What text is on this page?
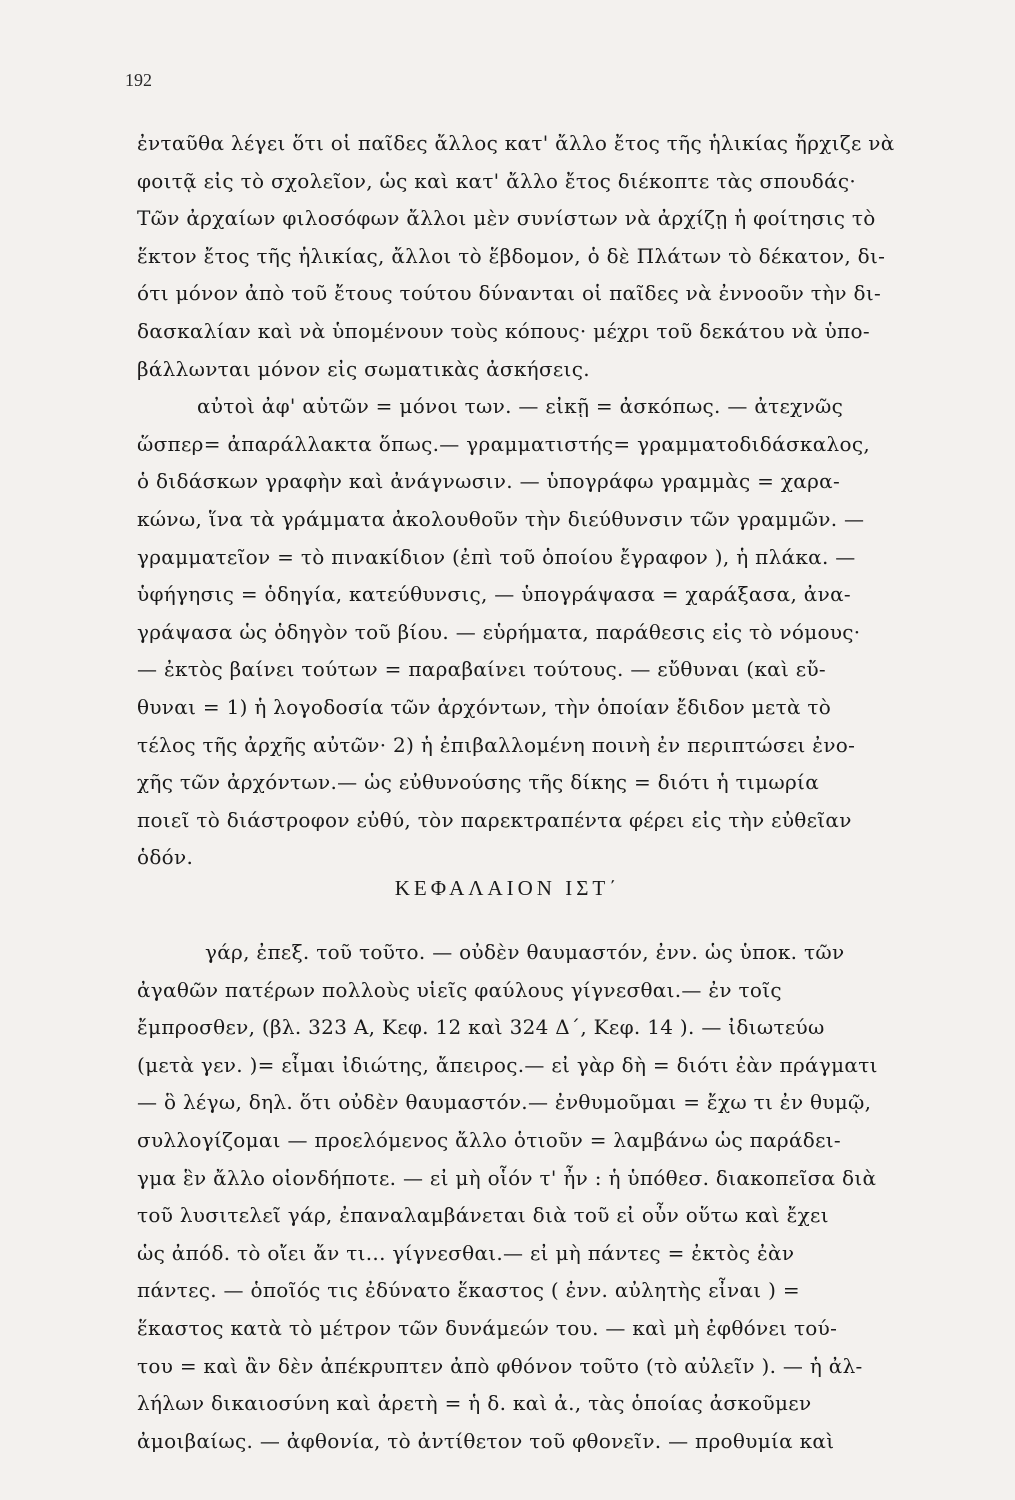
192
ἐνταῦθα λέγει ὅτι οἱ παῖδες ἄλλος κατ' ἄλλο ἔτος τῆς ἡλικίας ἤρχιζε νὰ
φοιτᾷ εἰς τὸ σχολεῖον, ὡς καὶ κατ' ἄλλο ἔτος διέκοπτε τὰς σπουδάς·
Τῶν ἀρχαίων φιλοσόφων ἄλλοι μὲν συνίστων νὰ ἀρχίζῃ ἡ φοίτησις τὸ
ἕκτον ἔτος τῆς ἡλικίας, ἄλλοι τὸ ἕβδομον, ὁ δὲ Πλάτων τὸ δέκατον, δι-
ότι μόνον ἀπὸ τοῦ ἔτους τούτου δύνανται οἱ παῖδες νὰ ἐννοοῦν τὴν δι-
δασκαλίαν καὶ νὰ ὑπομένουν τοὺς κόπους· μέχρι τοῦ δεκάτου νὰ ὑπο-
βάλλωνται μόνον εἰς σωματικὰς ἀσκήσεις.
αὐτοὶ ἀφ' αὑτῶν = μόνοι των. — εἰκῇ = ἀσκόπως. — ἀτεχνῶς
ὥσπερ= ἀπαράλλακτα ὅπως.— γραμματιστής= γραμματοδιδάσκαλος,
ὁ διδάσκων γραφὴν καὶ ἀνάγνωσιν. — ὑπογράφω γραμμὰς = χαρα-
κώνω, ἵνα τὰ γράμματα ἀκολουθοῦν τὴν διεύθυνσιν τῶν γραμμῶν. —
γραμματεῖον = τὸ πινακίδιον (ἐπὶ τοῦ ὁποίου ἔγραφον ), ἡ πλάκα. —
ὑφήγησις = ὁδηγία, κατεύθυνσις, — ὑπογράψασα = χαράξασα, ἀνα-
γράψασα ὡς ὁδηγὸν τοῦ βίου. — εὑρήματα, παράθεσις εἰς τὸ νόμους·
— ἐκτὸς βαίνει τούτων = παραβαίνει τούτους. — εὔθυναι (καὶ εὔ-
θυναι = 1) ἡ λογοδοσία τῶν ἀρχόντων, τὴν ὁποίαν ἔδιδον μετὰ τὸ
τέλος τῆς ἀρχῆς αὐτῶν· 2) ἡ ἐπιβαλλομένη ποινὴ ἐν περιπτώσει ἐνο-
χῆς τῶν ἀρχόντων.— ὡς εὐθυνούσης τῆς δίκης = διότι ἡ τιμωρία
ποιεῖ τὸ διάστροφον εὐθύ, τὸν παρεκτραπέντα φέρει εἰς τὴν εὐθεῖαν
ὁδόν.
ΚΕΦΑΛΑΙΟΝ ΙΣΤ΄
γάρ, ἐπεξ. τοῦ τοῦτο. — οὐδὲν θαυμαστόν, ἐνν. ὡς ὑποκ. τῶν
ἀγαθῶν πατέρων πολλοὺς υἱεῖς φαύλους γίγνεσθαι.— ἐν τοῖς
ἔμπροσθεν, (βλ. 323 Α, Κεφ. 12 καὶ 324 Δ΄, Κεφ. 14 ). — ἰδιωτεύω
(μετὰ γεν. )= εἶμαι ἰδιώτης, ἄπειρος.— εἰ γὰρ δὴ = διότι ἐὰν πράγματι
— ὃ λέγω, δηλ. ὅτι οὐδὲν θαυμαστόν.— ἐνθυμοῦμαι = ἔχω τι ἐν θυμῷ,
συλλογίζομαι — προελόμενος ἄλλο ὁτιοῦν = λαμβάνω ὡς παράδει-
γμα ἓν ἄλλο οἱονδήποτε. — εἰ μὴ οἷόν τ' ἦν : ἡ ὑπόθεσ. διακοπεῖσα διὰ
τοῦ λυσιτελεῖ γάρ, ἐπαναλαμβάνεται διὰ τοῦ εἰ οὖν οὕτω καὶ ἔχει
ὡς ἀπόδ. τὸ οἴει ἄν τι... γίγνεσθαι.— εἰ μὴ πάντες = ἐκτὸς ἐὰν
πάντες. — ὁποῖός τις ἐδύνατο ἕκαστος ( ἐνν. αὐλητὴς εἶναι ) =
ἕκαστος κατὰ τὸ μέτρον τῶν δυνάμεών του. — καὶ μὴ ἐφθόνει τού-
του = καὶ ἂν δὲν ἀπέκρυπτεν ἀπὸ φθόνον τοῦτο (τὸ αὐλεῖν ). — ἡ ἀλ-
λήλων δικαιοσύνη καὶ ἀρετὴ = ἡ δ. καὶ ἀ., τὰς ὁποίας ἀσκοῦμεν
ἀμοιβαίως. — ἀφθονία, τὸ ἀντίθετον τοῦ φθονεῖν. — προθυμία καὶ
